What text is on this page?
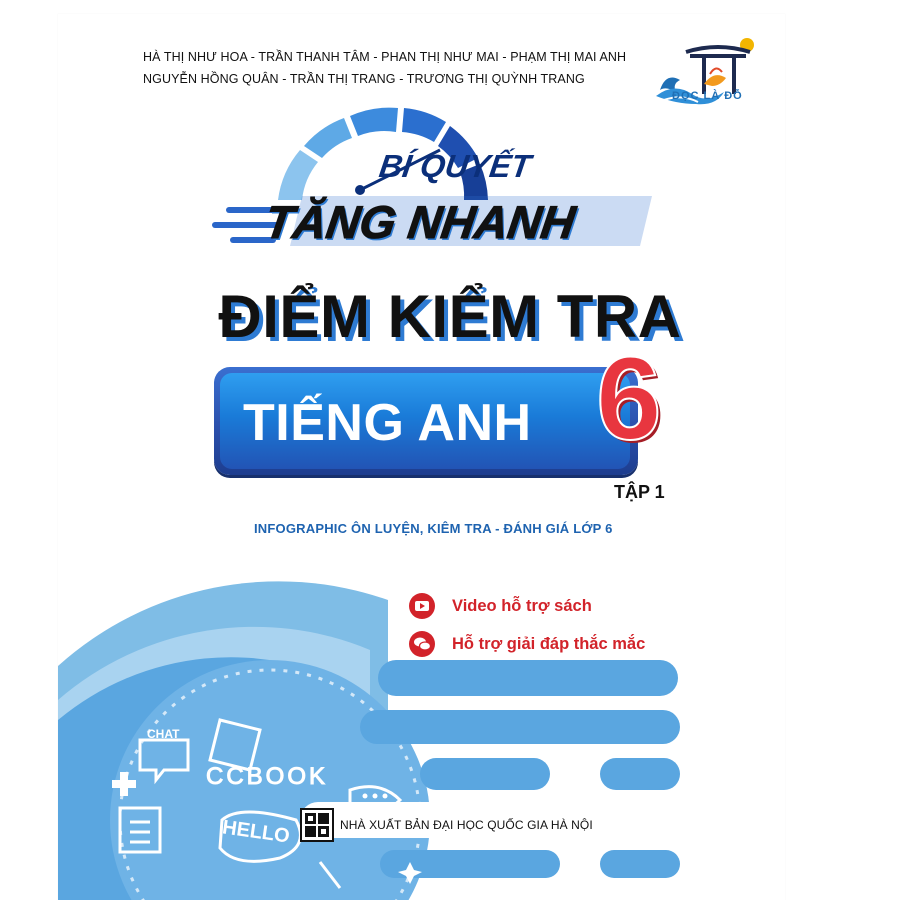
HÀ THỊ NHƯ HOA - TRẦN THANH TÂM - PHAN THỊ NHƯ MAI - PHẠM THỊ MAI ANH
NGUYỄN HỒNG QUÂN - TRẦN THỊ TRANG - TRƯƠNG THỊ QUỲNH TRANG
ĐỌC LÀ ĐỖ
BÍ QUYẾT
TĂNG NHANH
ĐIỂM KIỂM TRA
TIẾNG ANH 6
TẬP 1
INFOGRAPHIC ÔN LUYỆN, KIÊM TRA - ĐÁNH GIÁ LỚP 6
Video hỗ trợ sách
Hỗ trợ giải đáp thắc mắc
CHAT
CCBOOK
HELLO	NHÀ XUẤT BẢN ĐẠI HỌC QUỐC GIA HÀ NỘI
